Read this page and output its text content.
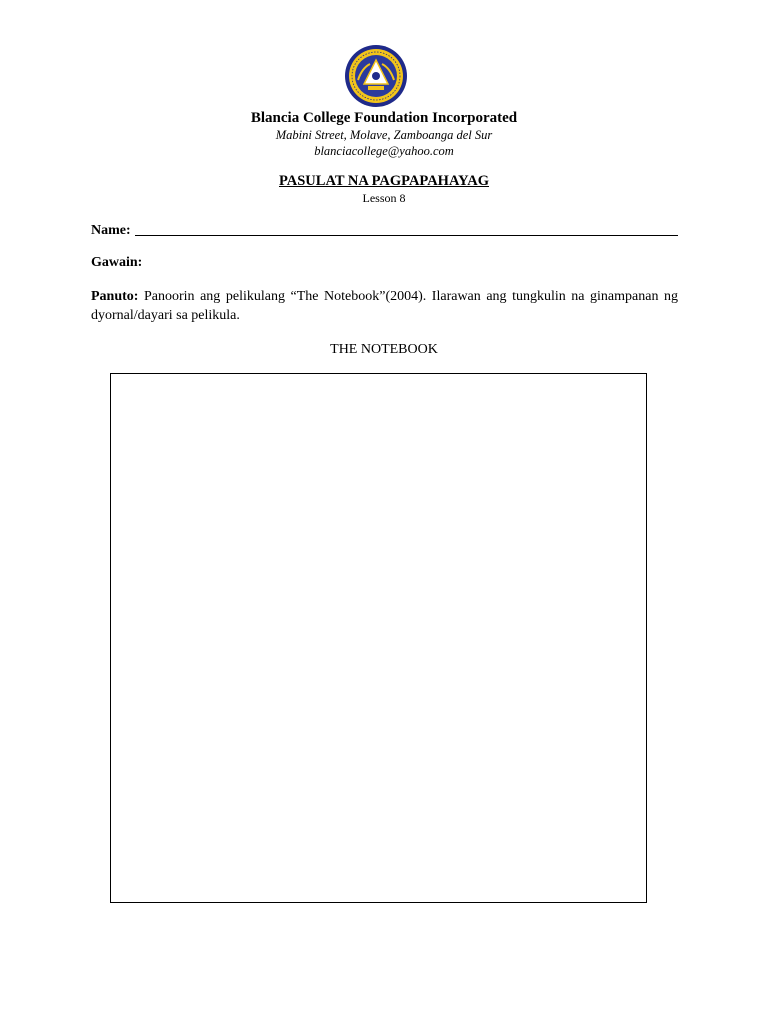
Blancia College Foundation Incorporated
Mabini Street, Molave, Zamboanga del Sur
blanciacollege@yahoo.com
PASULAT NA PAGPAPAHAYAG
Lesson 8
Name:
Gawain:
Panuto: Panoorin ang pelikulang “The Notebook”(2004). Ilarawan ang tungkulin na ginampanan ng dyornal/dayari sa pelikula.
THE NOTEBOOK
